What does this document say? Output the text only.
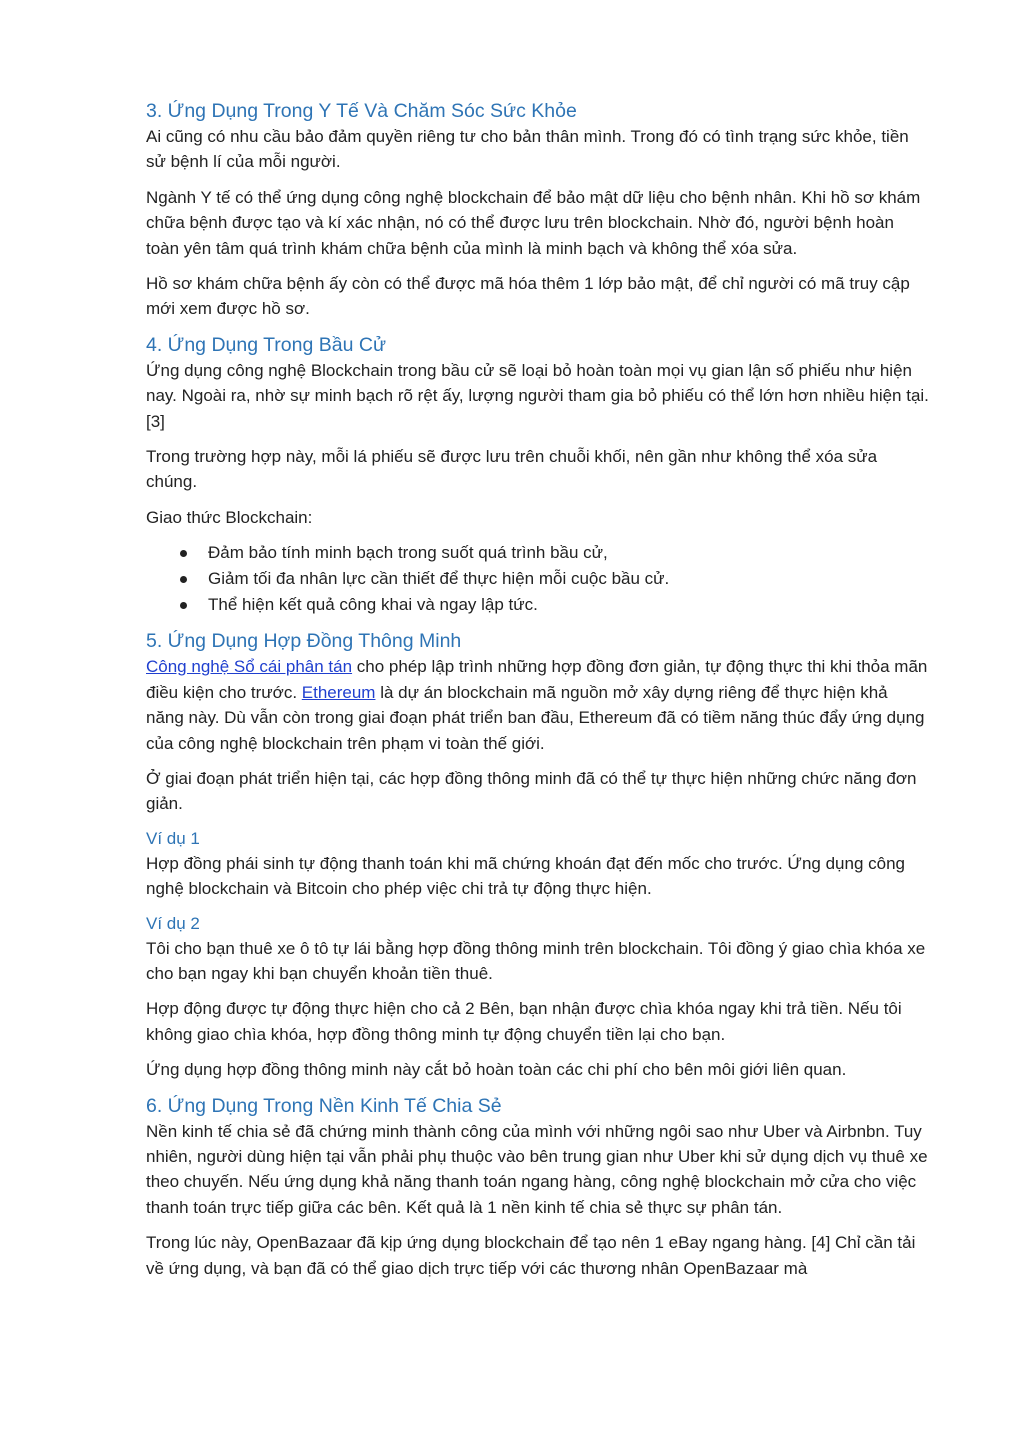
3. Ứng Dụng Trong Y Tế Và Chăm Sóc Sức Khỏe

Ai cũng có nhu cầu bảo đảm quyền riêng tư cho bản thân mình. Trong đó có tình trạng sức khỏe, tiền sử bệnh lí của mỗi người.

Ngành Y tế có thể ứng dụng công nghệ blockchain để bảo mật dữ liệu cho bệnh nhân. Khi hồ sơ khám chữa bệnh được tạo và kí xác nhận, nó có thể được lưu trên blockchain. Nhờ đó, người bệnh hoàn toàn yên tâm quá trình khám chữa bệnh của mình là minh bạch và không thể xóa sửa.

Hồ sơ khám chữa bệnh ấy còn có thể được mã hóa thêm 1 lớp bảo mật, để chỉ người có mã truy cập mới xem được hồ sơ.

4. Ứng Dụng Trong Bầu Cử

Ứng dụng công nghệ Blockchain trong bầu cử sẽ loại bỏ hoàn toàn mọi vụ gian lận số phiếu như hiện nay. Ngoài ra, nhờ sự minh bạch rõ rệt ấy, lượng người tham gia bỏ phiếu có thể lớn hơn nhiều hiện tại. [3]

Trong trường hợp này, mỗi lá phiếu sẽ được lưu trên chuỗi khối, nên gần như không thể xóa sửa chúng.

Giao thức Blockchain:

Đảm bảo tính minh bạch trong suốt quá trình bầu cử,
Giảm tối đa nhân lực cần thiết để thực hiện mỗi cuộc bầu cử.
Thể hiện kết quả công khai và ngay lập tức.
5. Ứng Dụng Hợp Đồng Thông Minh

Công nghệ Sổ cái phân tán cho phép lập trình những hợp đồng đơn giản, tự động thực thi khi thỏa mãn điều kiện cho trước. Ethereum là dự án blockchain mã nguồn mở xây dựng riêng để thực hiện khả năng này. Dù vẫn còn trong giai đoạn phát triển ban đầu, Ethereum đã có tiềm năng thúc đẩy ứng dụng của công nghệ blockchain trên phạm vi toàn thế giới.

Ở giai đoạn phát triển hiện tại, các hợp đồng thông minh đã có thể tự thực hiện những chức năng đơn giản.

Ví dụ 1

Hợp đồng phái sinh tự động thanh toán khi mã chứng khoán đạt đến mốc cho trước. Ứng dụng công nghệ blockchain và Bitcoin cho phép việc chi trả tự động thực hiện.

Ví dụ 2

Tôi cho bạn thuê xe ô tô tự lái bằng hợp đồng thông minh trên blockchain. Tôi đồng ý giao chìa khóa xe cho bạn ngay khi bạn chuyển khoản tiền thuê.

Hợp động được tự động thực hiện cho cả 2 Bên, bạn nhận được chìa khóa ngay khi trả tiền. Nếu tôi không giao chìa khóa, hợp đồng thông minh tự động chuyển tiền lại cho bạn.

Ứng dụng hợp đồng thông minh này cắt bỏ hoàn toàn các chi phí cho bên môi giới liên quan.

6. Ứng Dụng Trong Nền Kinh Tế Chia Sẻ

Nền kinh tế chia sẻ đã chứng minh thành công của mình với những ngôi sao như Uber và Airbnbn. Tuy nhiên, người dùng hiện tại vẫn phải phụ thuộc vào bên trung gian như Uber khi sử dụng dịch vụ thuê xe theo chuyến. Nếu ứng dụng khả năng thanh toán ngang hàng, công nghệ blockchain mở cửa cho việc thanh toán trực tiếp giữa các bên. Kết quả là 1 nền kinh tế chia sẻ thực sự phân tán.

Trong lúc này, OpenBazaar đã kịp ứng dụng blockchain để tạo nên 1 eBay ngang hàng. [4] Chỉ cần tải về ứng dụng, và bạn đã có thể giao dịch trực tiếp với các thương nhân OpenBazaar mà
